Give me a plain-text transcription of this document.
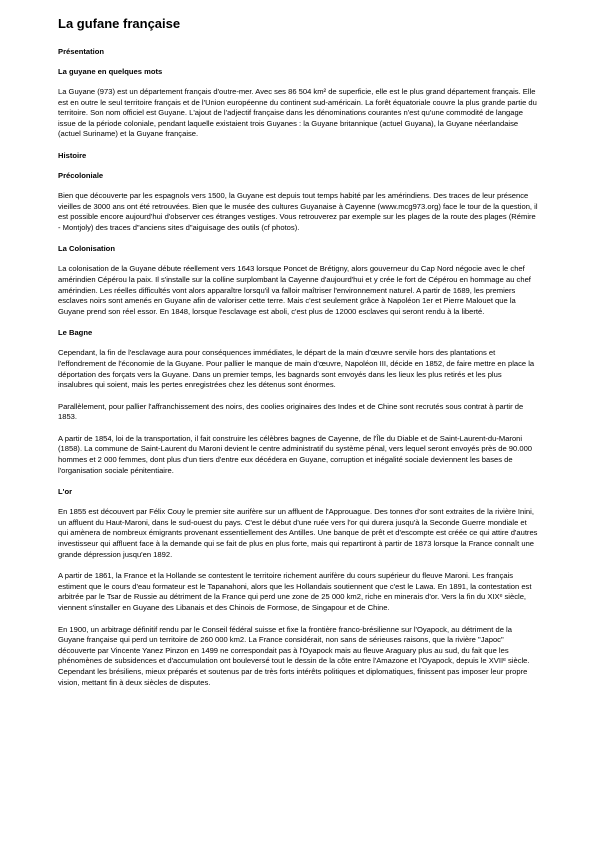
La gufane française
Présentation
La guyane en quelques mots

La Guyane (973) est un département français d'outre-mer. Avec ses 86 504 km² de superficie, elle est le plus grand département français. Elle est en outre le seul territoire français et de l'Union européenne du continent sud-américain. La forêt équatoriale couvre la plus grande partie du territoire. Son nom officiel est Guyane. L'ajout de l'adjectif française dans les dénominations courantes n'est qu'une commodité de langage issue de la période coloniale, pendant laquelle existaient trois Guyanes : la Guyane britannique (actuel Guyana), la Guyane néerlandaise (actuel Suriname) et la Guyane française.

Histoire
Précoloniale

Bien que découverte par les espagnols vers 1500, la Guyane est depuis tout temps habité par les amérindiens. Des traces de leur présence vieilles de 3000 ans ont été retrouvées. Bien que le musée des cultures Guyanaise à Cayenne (www.mcg973.org) face le tour de la question, il est possible encore aujourd'hui d'observer ces étranges vestiges. Vous retrouverez par exemple sur les plages de la route des plages (Rémire - Montjoly) des traces d"anciens sites d"aiguisage des outils (cf photos).

La Colonisation

La colonisation de la Guyane débute réellement vers 1643 lorsque Poncet de Brétigny, alors gouverneur du Cap Nord négocie avec le chef amérindien Cépérou la paix. Il s'installe sur la colline surplombant la Cayenne d'aujourd'hui et y crée le fort de Cépérou en hommage au chef amérindien. Les réelles difficultés vont alors apparaître lorsqu'il va falloir maîtriser l'environnement naturel. A partir de 1689, les premiers esclaves noirs sont amenés en Guyane afin de valoriser cette terre. Mais c'est seulement grâce à Napoléon 1er et Pierre Malouet que la Guyane prend son réel essor. En 1848, lorsque l'esclavage est aboli, c'est plus de 12000 esclaves qui seront rendu à la liberté.

Le Bagne

Cependant, la fin de l'esclavage aura pour conséquences immédiates, le départ de la main d'œuvre servile hors des plantations et l'effondrement de l'économie de la Guyane. Pour pallier le manque de main d'œuvre, Napoléon III, décide en 1852, de faire mettre en place la déportation des forçats vers la Guyane. Dans un premier temps, les bagnards sont envoyés dans les lieux les plus retirés et les plus insalubres qui soient, mais les pertes enregistrées chez les détenus sont énormes.

Parallèlement, pour pallier l'affranchissement des noirs, des coolies originaires des Indes et de Chine sont recrutés sous contrat à partir de 1853.

A partir de 1854, loi de la transportation, il fait construire les célèbres bagnes de Cayenne, de l'Île du Diable et de Saint-Laurent-du-Maroni (1858). La commune de Saint-Laurent du Maroni devient le centre administratif du système pénal, vers lequel seront envoyés près de 90.000 hommes et 2 000 femmes, dont plus d'un tiers d'entre eux décédera en Guyane, corruption et inégalité sociale deviennent les bases de l'organisation sociale pénitentiaire.

L'or

En 1855 est découvert par Félix Couy le premier site aurifère sur un affluent de l'Approuague. Des tonnes d'or sont extraites de la rivière Inini, un affluent du Haut-Maroni, dans le sud-ouest du pays. C'est le début d'une ruée vers l'or qui durera jusqu'à la Seconde Guerre mondiale et qui amènera de nombreux émigrants provenant essentiellement des Antilles. Une banque de prêt et d'escompte est créée ce qui attire d'autres investisseur qui affluent face à la demande qui se fait de plus en plus forte, mais qui repartiront à partir de 1873 lorsque la France connaît une grande dépression jusqu'en 1892.

A partir de 1861, la France et la Hollande se contestent le territoire richement aurifère du cours supérieur du fleuve Maroni. Les français estiment que le cours d'eau formateur est le Tapanahoni, alors que les Hollandais soutiennent que c'est le Lawa. En 1891, la contestation est arbitrée par le Tsar de Russie au détriment de la France qui perd une zone de 25 000 km2, riche en minerais d'or. Vers la fin du XIXᵉ siècle, viennent s'installer en Guyane des Libanais et des Chinois de Formose, de Singapour et de Chine.

En 1900, un arbitrage définitif rendu par le Conseil fédéral suisse et fixe la frontière franco-brésilienne sur l'Oyapock, au détriment de la Guyane française qui perd un territoire de 260 000 km2. La France considérait, non sans de sérieuses raisons, que la rivière "Japoc" découverte par Vincente Yanez Pinzon en 1499 ne correspondait pas à l'Oyapock mais au fleuve Araguary plus au sud, du fait que les phénomènes de subsidences et d'accumulation ont bouleversé tout le dessin de la côte entre l'Amazone et l'Oyapock, depuis le XVIIᵉ siècle. Cependant les brésiliens, mieux préparés et soutenus par de très forts intérêts politiques et diplomatiques, finissent pas imposer leur propre vision, mettant fin à deux siècles de disputes.
